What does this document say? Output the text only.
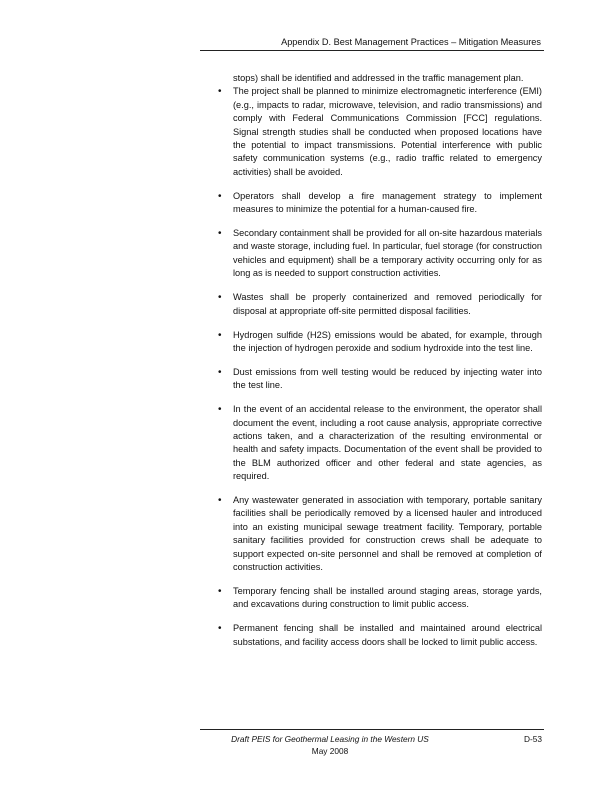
Appendix D. Best Management Practices – Mitigation Measures

stops) shall be identified and addressed in the traffic management plan.

• The project shall be planned to minimize electromagnetic interference (EMI) (e.g., impacts to radar, microwave, television, and radio transmissions) and comply with Federal Communications Commission [FCC] regulations. Signal strength studies shall be conducted when proposed locations have the potential to impact transmissions. Potential interference with public safety communication systems (e.g., radio traffic related to emergency activities) shall be avoided.
• Operators shall develop a fire management strategy to implement measures to minimize the potential for a human-caused fire.
• Secondary containment shall be provided for all on-site hazardous materials and waste storage, including fuel. In particular, fuel storage (for construction vehicles and equipment) shall be a temporary activity occurring only for as long as is needed to support construction activities.
• Wastes shall be properly containerized and removed periodically for disposal at appropriate off-site permitted disposal facilities.
• Hydrogen sulfide (H2S) emissions would be abated, for example, through the injection of hydrogen peroxide and sodium hydroxide into the test line.
• Dust emissions from well testing would be reduced by injecting water into the test line.
• In the event of an accidental release to the environment, the operator shall document the event, including a root cause analysis, appropriate corrective actions taken, and a characterization of the resulting environmental or health and safety impacts. Documentation of the event shall be provided to the BLM authorized officer and other federal and state agencies, as required.
• Any wastewater generated in association with temporary, portable sanitary facilities shall be periodically removed by a licensed hauler and introduced into an existing municipal sewage treatment facility. Temporary, portable sanitary facilities provided for construction crews shall be adequate to support expected on-site personnel and shall be removed at completion of construction activities.
• Temporary fencing shall be installed around staging areas, storage yards, and excavations during construction to limit public access.
• Permanent fencing shall be installed and maintained around electrical substations, and facility access doors shall be locked to limit public access.
Draft PEIS for Geothermal Leasing in the Western US	D-53
May 2008
